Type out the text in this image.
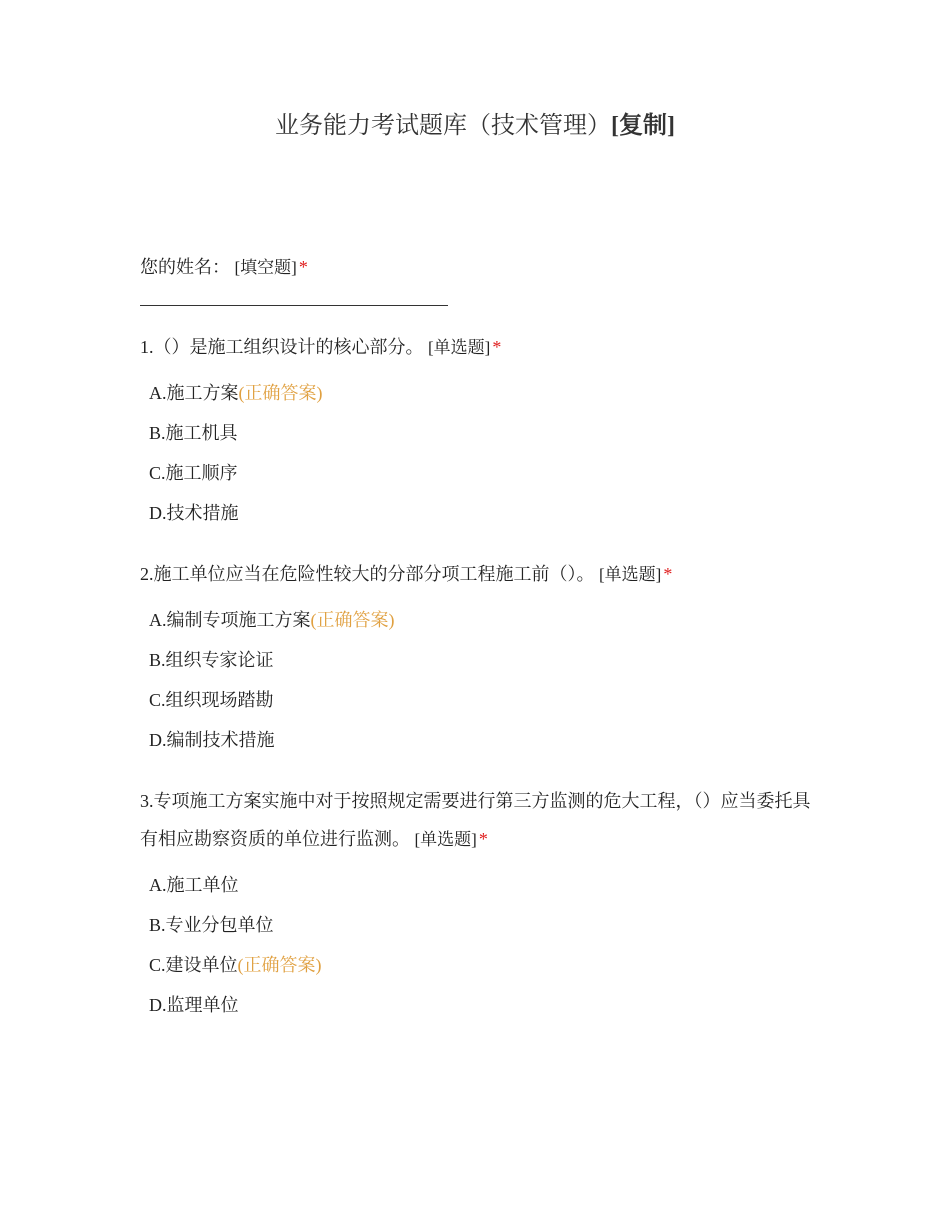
业务能力考试题库（技术管理）[复制]
您的姓名： [填空题] *
1.（）是施工组织设计的核心部分。 [单选题] *
A.施工方案(正确答案)
B.施工机具
C.施工顺序
D.技术措施
2.施工单位应当在危险性较大的分部分项工程施工前（）。 [单选题] *
A.编制专项施工方案(正确答案)
B.组织专家论证
C.组织现场踏勘
D.编制技术措施
3.专项施工方案实施中对于按照规定需要进行第三方监测的危大工程，（）应当委托具有相应勘察资质的单位进行监测。 [单选题] *
A.施工单位
B.专业分包单位
C.建设单位(正确答案)
D.监理单位
